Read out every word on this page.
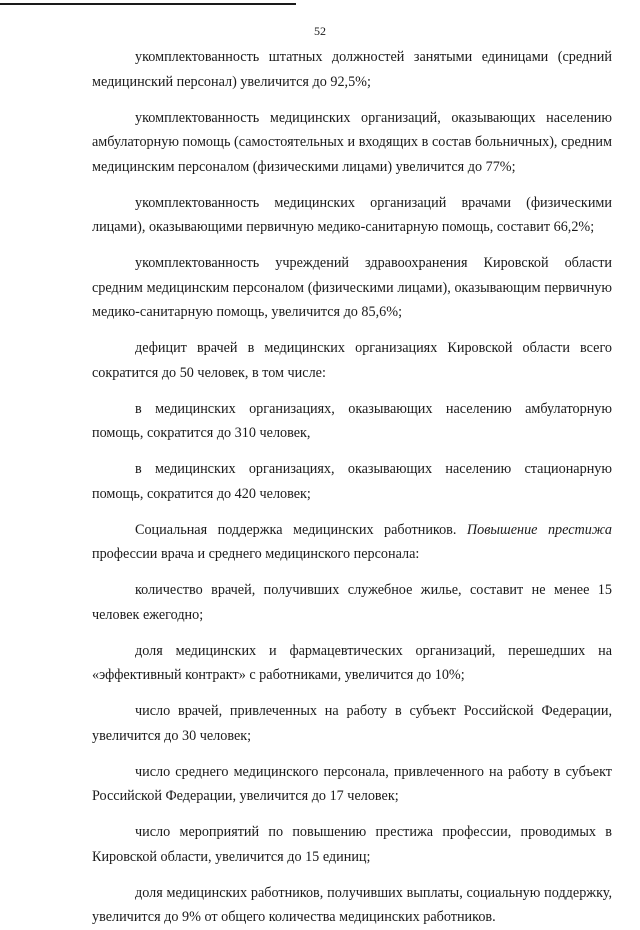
52

укомплектованность штатных должностей занятыми единицами (средний медицинский персонал) увеличится до 92,5%;

укомплектованность медицинских организаций, оказывающих населению амбулаторную помощь (самостоятельных и входящих в состав больничных), средним медицинским персоналом (физическими лицами) увеличится до 77%;

укомплектованность медицинских организаций врачами (физическими лицами), оказывающими первичную медико-санитарную помощь, составит 66,2%;

укомплектованность учреждений здравоохранения Кировской области средним медицинским персоналом (физическими лицами), оказывающим первичную медико-санитарную помощь, увеличится до 85,6%;

дефицит врачей в медицинских организациях Кировской области всего сократится до 50 человек, в том числе:

в медицинских организациях, оказывающих населению амбулаторную помощь, сократится до 310 человек,

в медицинских организациях, оказывающих населению стационарную помощь, сократится до 420 человек;

Социальная поддержка медицинских работников. Повышение престижа профессии врача и среднего медицинского персонала:

количество врачей, получивших служебное жилье, составит не менее 15 человек ежегодно;

доля медицинских и фармацевтических организаций, перешедших на «эффективный контракт» с работниками, увеличится до 10%;

число врачей, привлеченных на работу в субъект Российской Федерации, увеличится до 30 человек;

число среднего медицинского персонала, привлеченного на работу в субъект Российской Федерации, увеличится до 17 человек;

число мероприятий по повышению престижа профессии, проводимых в Кировской области, увеличится до 15 единиц;

доля медицинских работников, получивших выплаты, социальную поддержку, увеличится до 9% от общего количества медицинских работников.
